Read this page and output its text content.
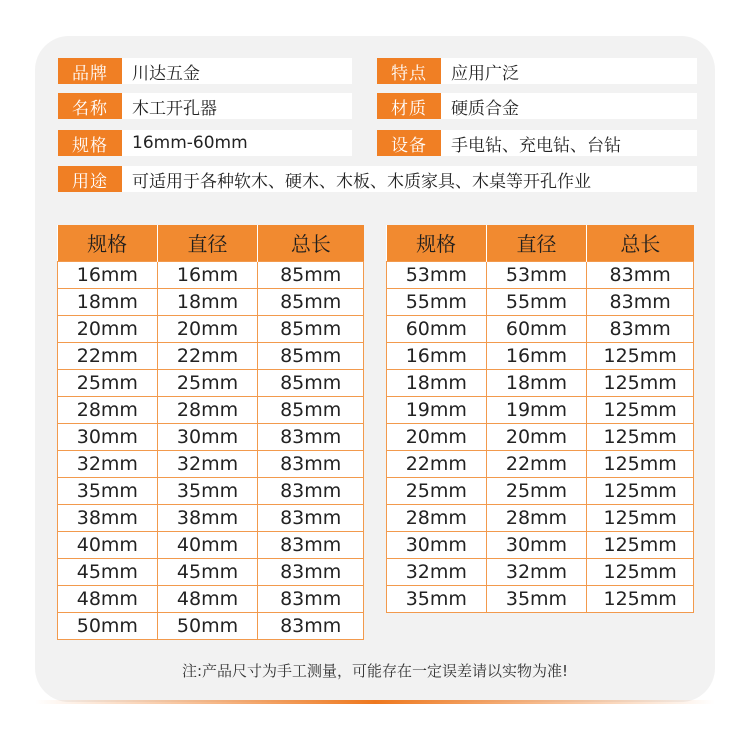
品牌	川达五金	特点	应用广泛
名称	木工开孔器	材质	硬质合金
规格	16mm-60mm	设备	手电钻、充电钻、台钻
用途	可适用于各种软木、硬木、木板、木质家具、木桌等开孔作业
规格	直径	总长
16mm	16mm	85mm
18mm	18mm	85mm
20mm	20mm	85mm
22mm	22mm	85mm
25mm	25mm	85mm
28mm	28mm	85mm
30mm	30mm	83mm
32mm	32mm	83mm
35mm	35mm	83mm
38mm	38mm	83mm
40mm	40mm	83mm
45mm	45mm	83mm
48mm	48mm	83mm
50mm	50mm	83mm
规格	直径	总长
53mm	53mm	83mm
55mm	55mm	83mm
60mm	60mm	83mm
16mm	16mm	125mm
18mm	18mm	125mm
19mm	19mm	125mm
20mm	20mm	125mm
22mm	22mm	125mm
25mm	25mm	125mm
28mm	28mm	125mm
30mm	30mm	125mm
32mm	32mm	125mm
35mm	35mm	125mm
注:产品尺寸为手工测量，可能存在一定误差请以实物为准!
